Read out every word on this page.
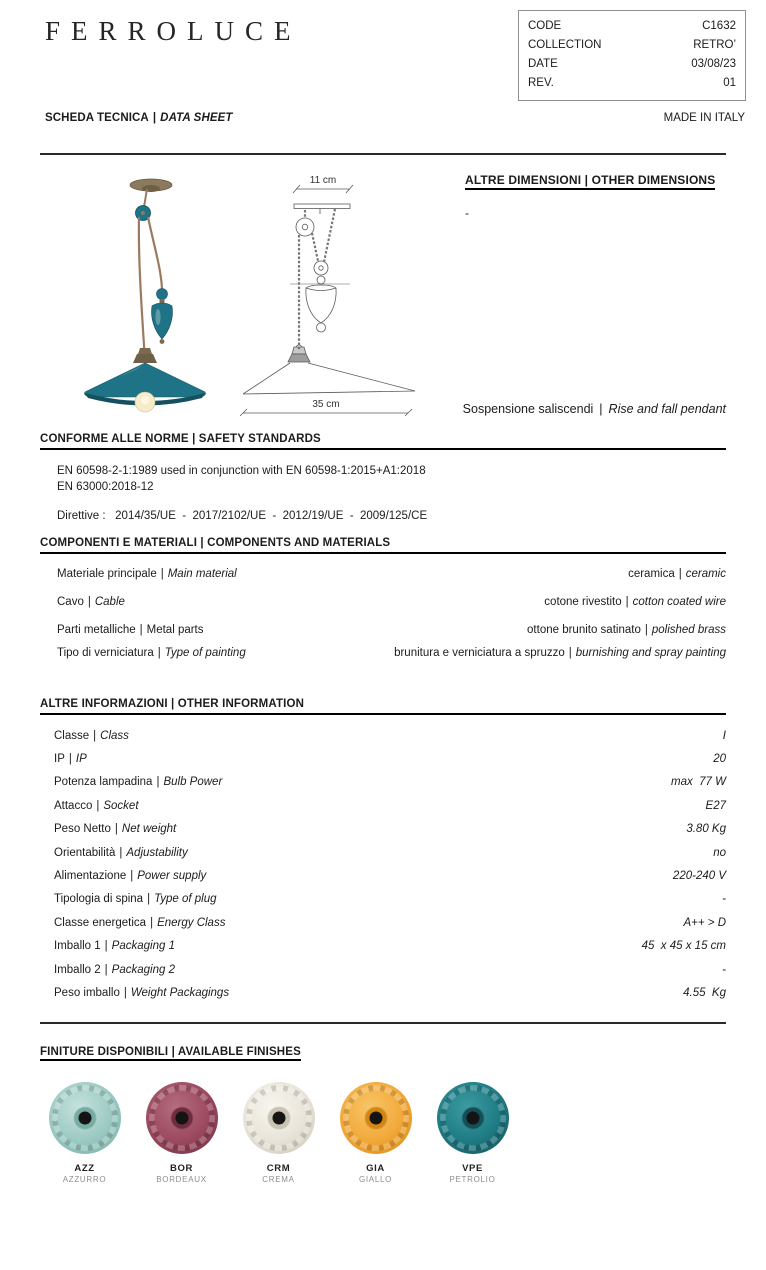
FERROLUCE	CODE	C1632
COLLECTION	RETRO’
DATE	03/08/23
REV.	01
SCHEDA TECNICA | DATA SHEET	MADE IN ITALY
11 cm
35 cm
ALTRE DIMENSIONI | OTHER DIMENSIONS
-
Sospensione saliscendi | Rise and fall pendant
CONFORME ALLE NORME | SAFETY STANDARDS
EN 60598-2-1:1989 used in conjunction with EN 60598-1:2015+A1:2018
EN 63000:2018-12
Direttive :   2014/35/UE  -  2017/2102/UE  -  2012/19/UE  -  2009/125/CE
COMPONENTI E MATERIALI | COMPONENTS AND MATERIALS
Materiale principale | Main material	ceramica | ceramic
Cavo | Cable	cotone rivestito | cotton coated wire
Parti metalliche | Metal parts	ottone brunito satinato | polished brass
Tipo di verniciatura | Type of painting	brunitura e verniciatura a spruzzo | burnishing and spray painting
ALTRE INFORMAZIONI | OTHER INFORMATION
Classe | Class	I
IP | IP	20
Potenza lampadina | Bulb Power	max  77 W
Attacco | Socket	E27
Peso Netto | Net weight	3.80 Kg
Orientabilità | Adjustability	no
Alimentazione | Power supply	220-240 V
Tipologia di spina | Type of plug	-
Classe energetica | Energy Class	A++ > D
Imballo 1 | Packaging 1	45  x 45 x 15 cm
Imballo 2 | Packaging 2	-
Peso imballo | Weight Packagings	4.55  Kg
FINITURE DISPONIBILI | AVAILABLE FINISHES
AZZ
AZZURRO
BOR
BORDEAUX
CRM
CREMA
GIA
GIALLO
VPE
PETROLIO
